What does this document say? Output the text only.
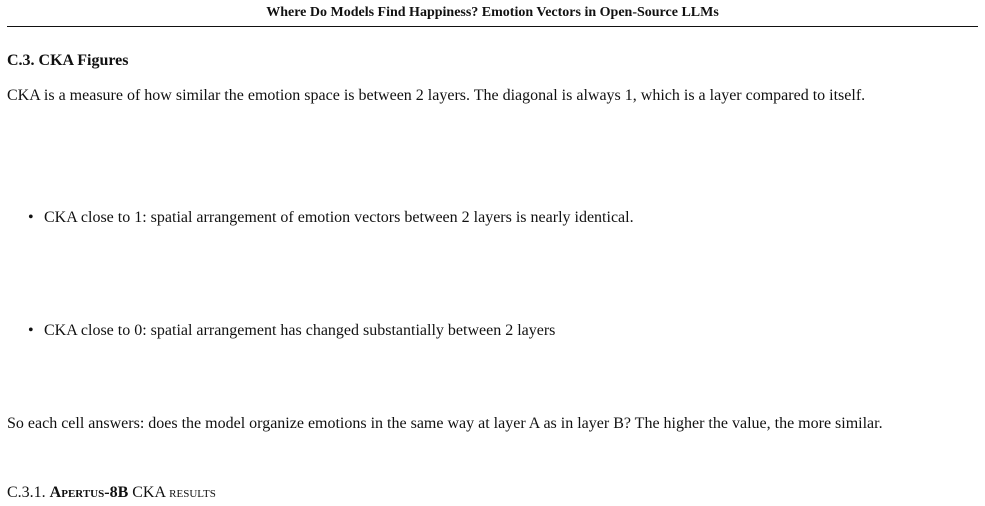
Where Do Models Find Happiness? Emotion Vectors in Open-Source LLMs
C.3. CKA Figures
CKA is a measure of how similar the emotion space is between 2 layers. The diagonal is always 1, which is a layer compared to itself.
• CKA close to 1: spatial arrangement of emotion vectors between 2 layers is nearly identical.
• CKA close to 0: spatial arrangement has changed substantially between 2 layers
So each cell answers: does the model organize emotions in the same way at layer A as in layer B? The higher the value, the more similar.
C.3.1. Apertus-8B CKA results
